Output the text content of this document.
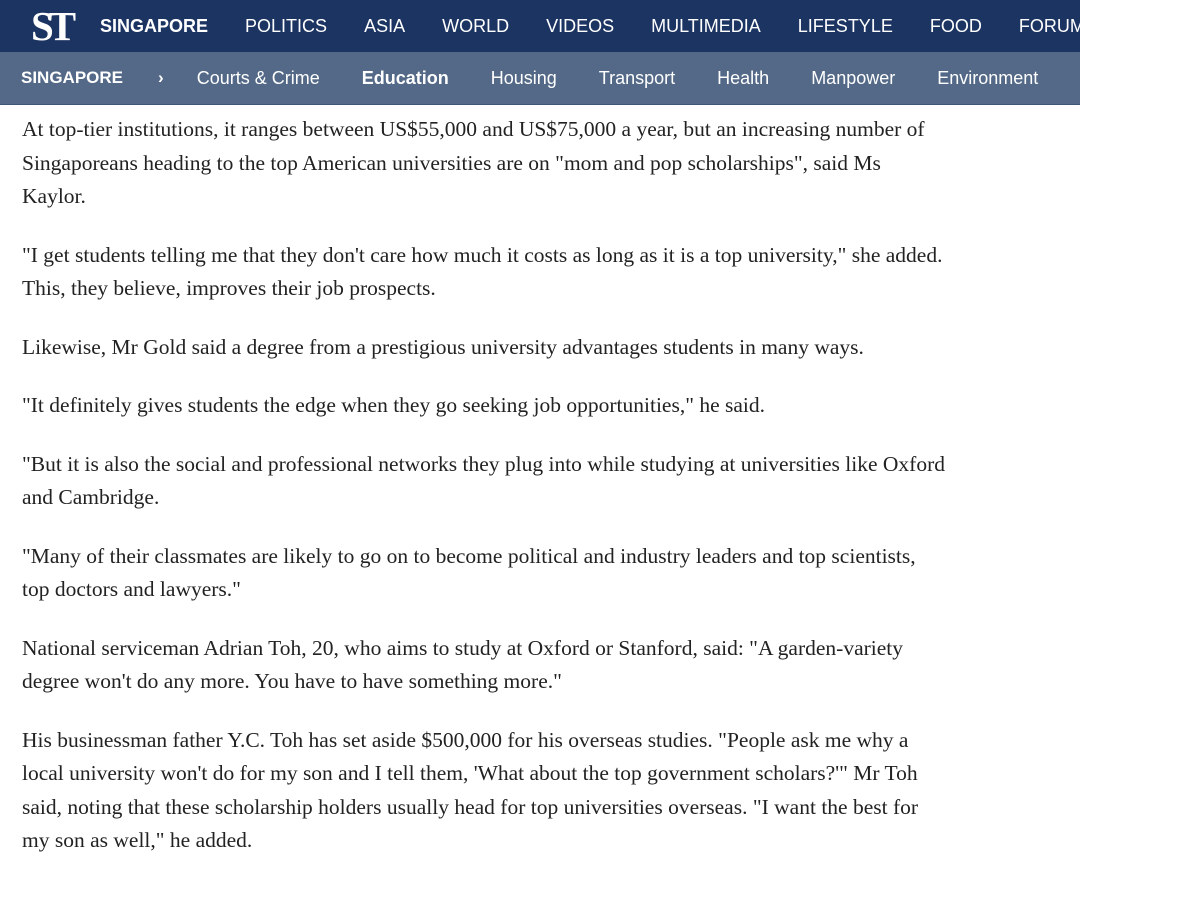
ST SINGAPORE POLITICS ASIA WORLD VIDEOS MULTIMEDIA LIFESTYLE FOOD FORUM OPINION
SINGAPORE › Courts & Crime Education Housing Transport Health Manpower Environment

At top-tier institutions, it ranges between US$55,000 and US$75,000 a year, but an increasing number of Singaporeans heading to the top American universities are on "mom and pop scholarships", said Ms Kaylor.

"I get students telling me that they don't care how much it costs as long as it is a top university," she added. This, they believe, improves their job prospects.

Likewise, Mr Gold said a degree from a prestigious university advantages students in many ways.

"It definitely gives students the edge when they go seeking job opportunities," he said.

"But it is also the social and professional networks they plug into while studying at universities like Oxford and Cambridge.

"Many of their classmates are likely to go on to become political and industry leaders and top scientists, top doctors and lawyers."

National serviceman Adrian Toh, 20, who aims to study at Oxford or Stanford, said: "A garden-variety degree won't do any more. You have to have something more."

His businessman father Y.C. Toh has set aside $500,000 for his overseas studies. "People ask me why a local university won't do for my son and I tell them, 'What about the top government scholars?'" Mr Toh said, noting that these scholarship holders usually head for top universities overseas. "I want the best for my son as well," he added.
